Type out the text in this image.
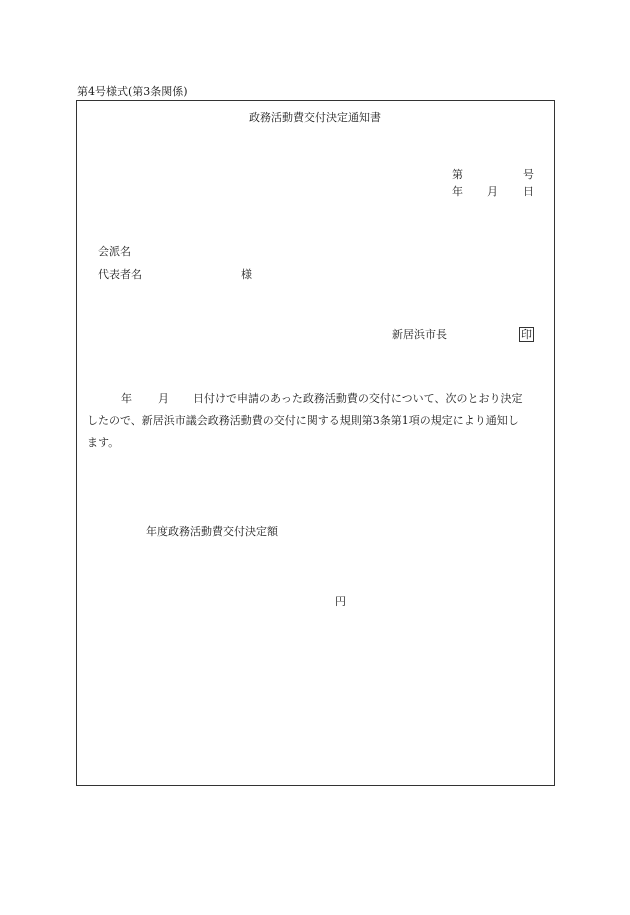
第4号様式(第3条関係)
政務活動費交付決定通知書
第	号
年 月 日
会派名
代表者名	様
新居浜市長	印
年 月 日付けで申請のあった政務活動費の交付について、次のとおり決定
したので、新居浜市議会政務活動費の交付に関する規則第3条第1項の規定により通知し
ます。
年度政務活動費交付決定額
円
